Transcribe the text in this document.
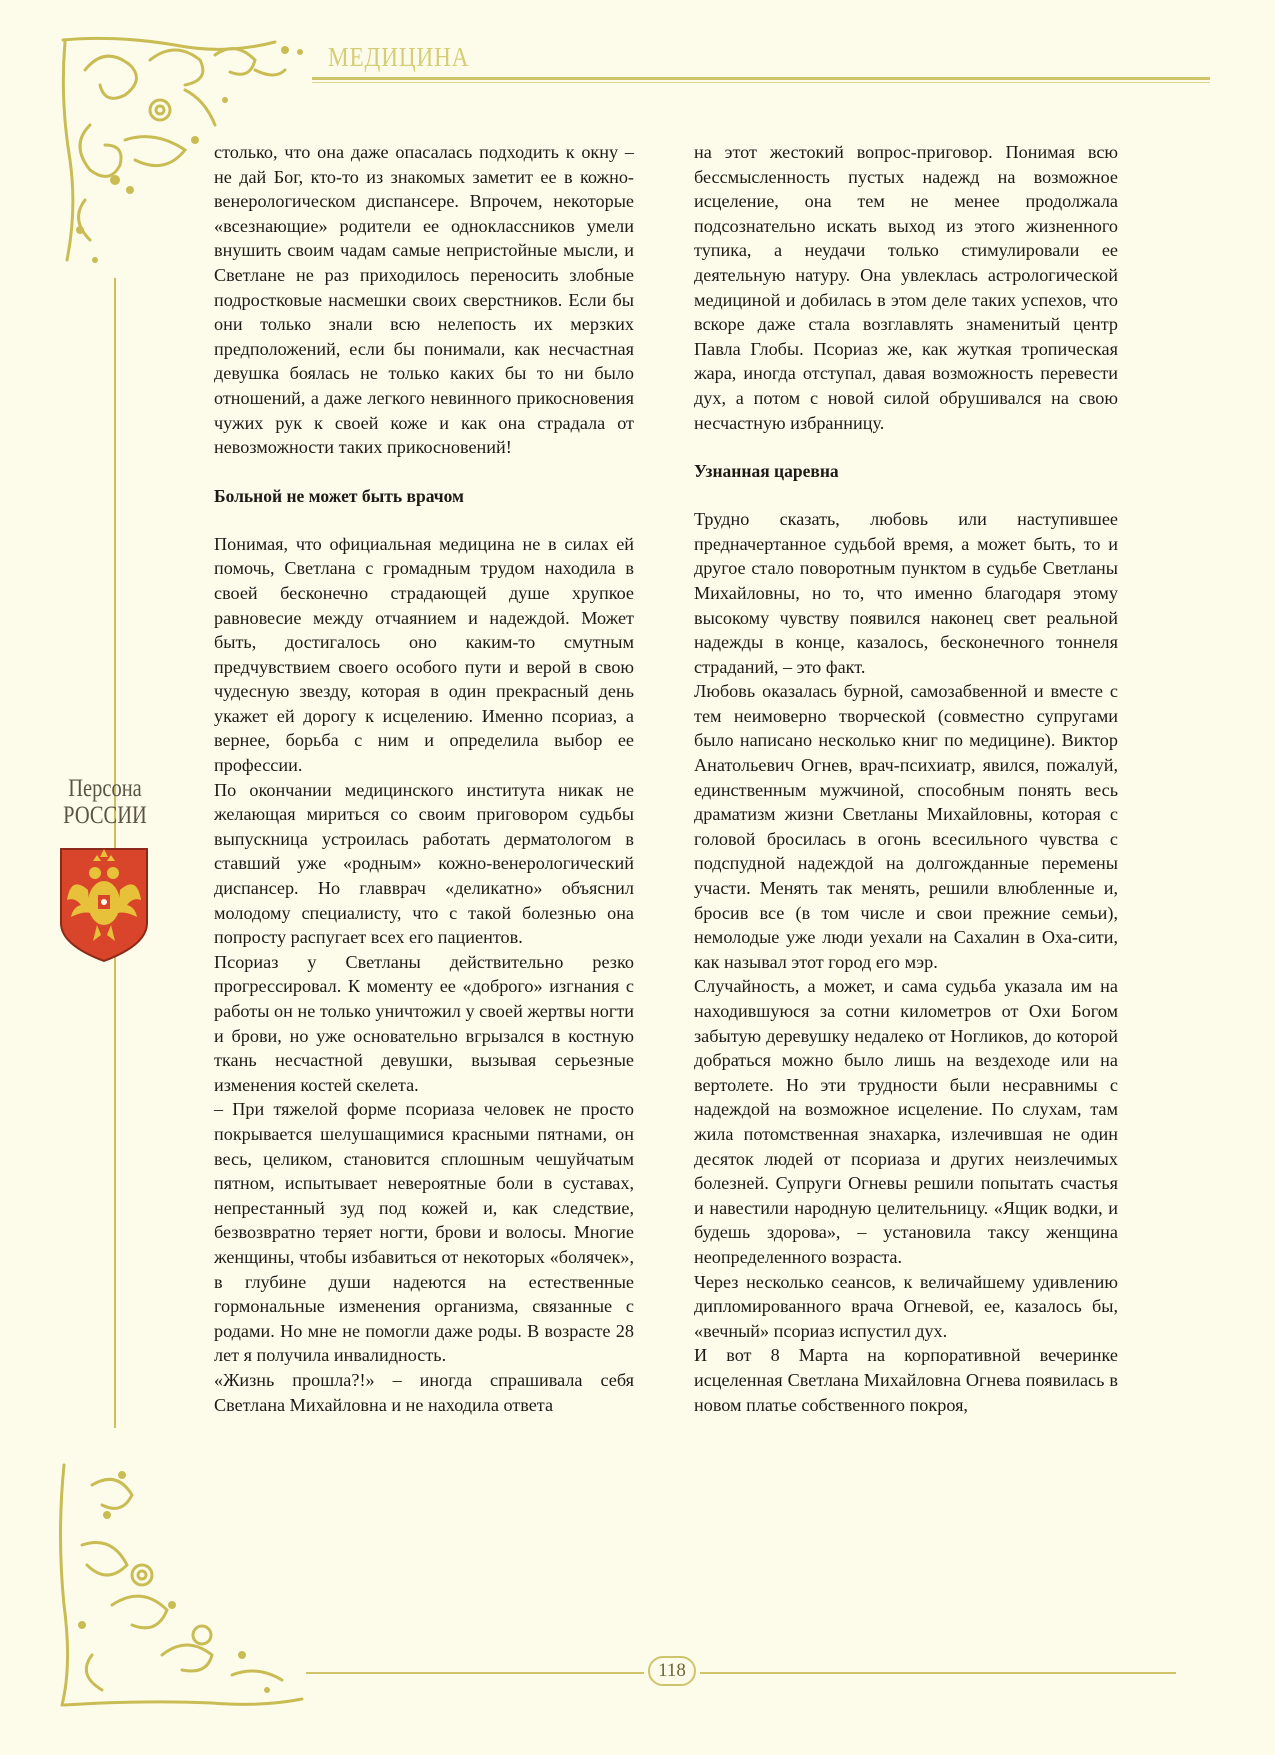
МЕДИЦИНА
Персона
РОССИИ
118

столько, что она даже опасалась подходить к окну – не дай Бог, кто-то из знакомых заметит ее в кожно-венерологическом диспансере. Впрочем, некоторые «всезнающие» родители ее одноклассников умели внушить своим чадам самые непристойные мысли, и Светлане не раз приходилось переносить злобные подростковые насмешки своих сверстников. Если бы они только знали всю нелепость их мерзких предположений, если бы понимали, как несчастная девушка боялась не только каких бы то ни было отношений, а даже легкого невинного прикосновения чужих рук к своей коже и как она страдала от невозможности таких прикосновений!

Больной не может быть врачом

Понимая, что официальная медицина не в силах ей помочь, Светлана с громадным трудом находила в своей бесконечно страдающей душе хрупкое равновесие между отчаянием и надеждой. Может быть, достигалось оно каким-то смутным предчувствием своего особого пути и верой в свою чудесную звезду, которая в один прекрасный день укажет ей дорогу к исцелению. Именно псориаз, а вернее, борьба с ним и определила выбор ее профессии.

По окончании медицинского института никак не желающая мириться со своим приговором судьбы выпускница устроилась работать дерматологом в ставший уже «родным» кожно-венерологический диспансер. Но главврач «деликатно» объяснил молодому специалисту, что с такой болезнью она попросту распугает всех его пациентов.

Псориаз у Светланы действительно резко прогрессировал. К моменту ее «доброго» изгнания с работы он не только уничтожил у своей жертвы ногти и брови, но уже основательно вгрызался в костную ткань несчастной девушки, вызывая серьезные изменения костей скелета.

– При тяжелой форме псориаза человек не просто покрывается шелушащимися красными пятнами, он весь, целиком, становится сплошным чешуйчатым пятном, испытывает невероятные боли в суставах, непрестанный зуд под кожей и, как следствие, безвозвратно теряет ногти, брови и волосы. Многие женщины, чтобы избавиться от некоторых «болячек», в глубине души надеются на естественные гормональные изменения организма, связанные с родами. Но мне не помогли даже роды. В возрасте 28 лет я получила инвалидность.

«Жизнь прошла?!» – иногда спрашивала себя Светлана Михайловна и не находила ответа

на этот жестокий вопрос-приговор. Понимая всю бессмысленность пустых надежд на возможное исцеление, она тем не менее продолжала подсознательно искать выход из этого жизненного тупика, а неудачи только стимулировали ее деятельную натуру. Она увлеклась астрологической медициной и добилась в этом деле таких успехов, что вскоре даже стала возглавлять знаменитый центр Павла Глобы. Псориаз же, как жуткая тропическая жара, иногда отступал, давая возможность перевести дух, а потом с новой силой обрушивался на свою несчастную избранницу.

Узнанная царевна

Трудно сказать, любовь или наступившее предначертанное судьбой время, а может быть, то и другое стало поворотным пунктом в судьбе Светланы Михайловны, но то, что именно благодаря этому высокому чувству появился наконец свет реальной надежды в конце, казалось, бесконечного тоннеля страданий, – это факт.

Любовь оказалась бурной, самозабвенной и вместе с тем неимоверно творческой (совместно супругами было написано несколько книг по медицине). Виктор Анатольевич Огнев, врач-психиатр, явился, пожалуй, единственным мужчиной, способным понять весь драматизм жизни Светланы Михайловны, которая с головой бросилась в огонь всесильного чувства с подспудной надеждой на долгожданные перемены участи. Менять так менять, решили влюбленные и, бросив все (в том числе и свои прежние семьи), немолодые уже люди уехали на Сахалин в Оха-сити, как называл этот город его мэр.

Случайность, а может, и сама судьба указала им на находившуюся за сотни километров от Охи Богом забытую деревушку недалеко от Ногликов, до которой добраться можно было лишь на вездеходе или на вертолете. Но эти трудности были несравнимы с надеждой на возможное исцеление. По слухам, там жила потомственная знахарка, излечившая не один десяток людей от псориаза и других неизлечимых болезней. Супруги Огневы решили попытать счастья и навестили народную целительницу. «Ящик водки, и будешь здорова», – установила таксу женщина неопределенного возраста.

Через несколько сеансов, к величайшему удивлению дипломированного врача Огневой, ее, казалось бы, «вечный» псориаз испустил дух.

И вот 8 Марта на корпоративной вечеринке исцеленная Светлана Михайловна Огнева появилась в новом платье собственного покроя,
